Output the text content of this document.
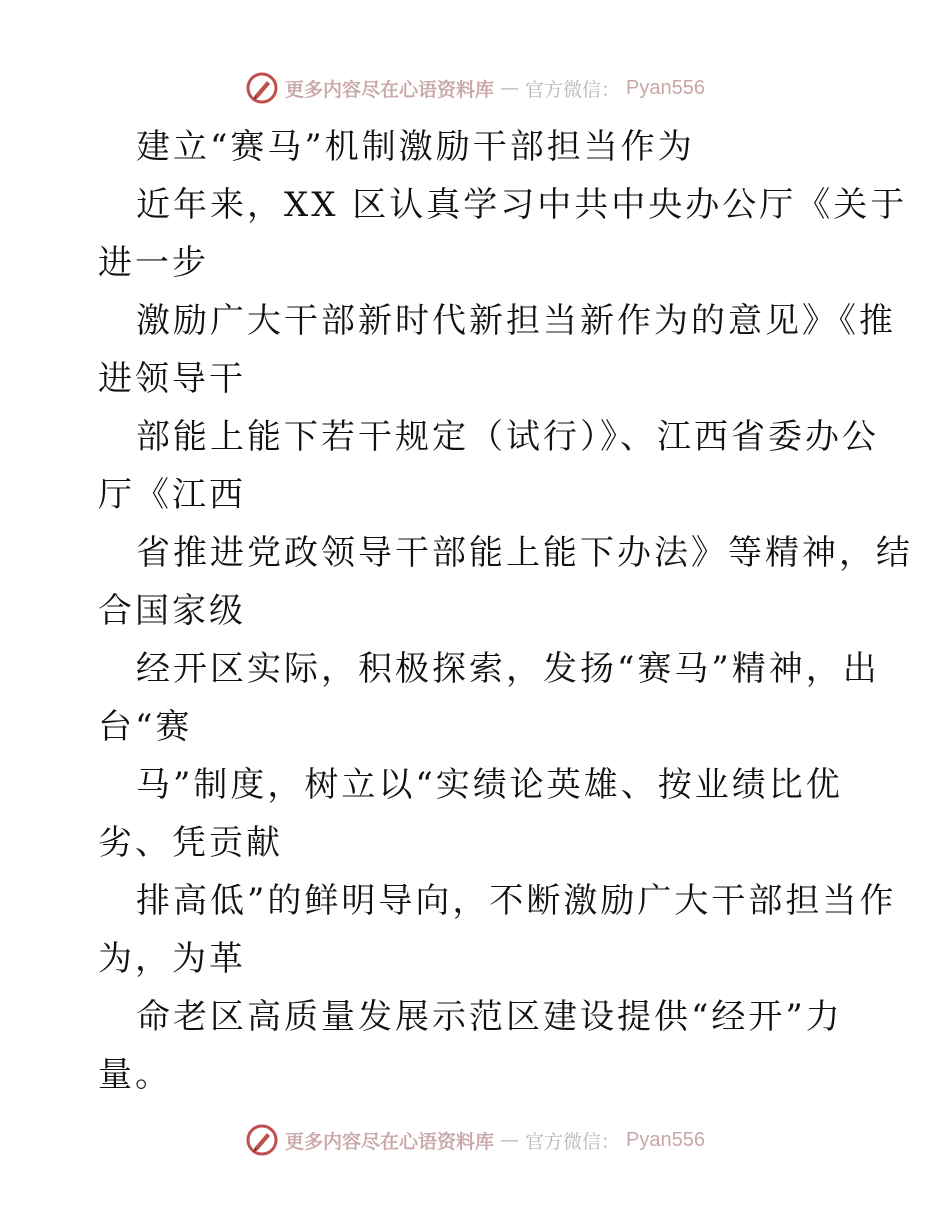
更多内容尽在心语资料库 — 官方微信： Pyan556
建立“赛马”机制激励干部担当作为
近年来，XX 区认真学习中共中央办公厅《关于
进一步
激励广大干部新时代新担当新作为的意见》《推
进领导干
部能上能下若干规定（试行）》、江西省委办公
厅《江西
省推进党政领导干部能上能下办法》等精神，结
合国家级
经开区实际，积极探索，发扬“赛马”精神，出
台“赛
马”制度，树立以“实绩论英雄、按业绩比优
劣、凭贡献
排高低”的鲜明导向，不断激励广大干部担当作
为，为革
命老区高质量发展示范区建设提供“经开”力
量。
更多内容尽在心语资料库 — 官方微信： Pyan556
